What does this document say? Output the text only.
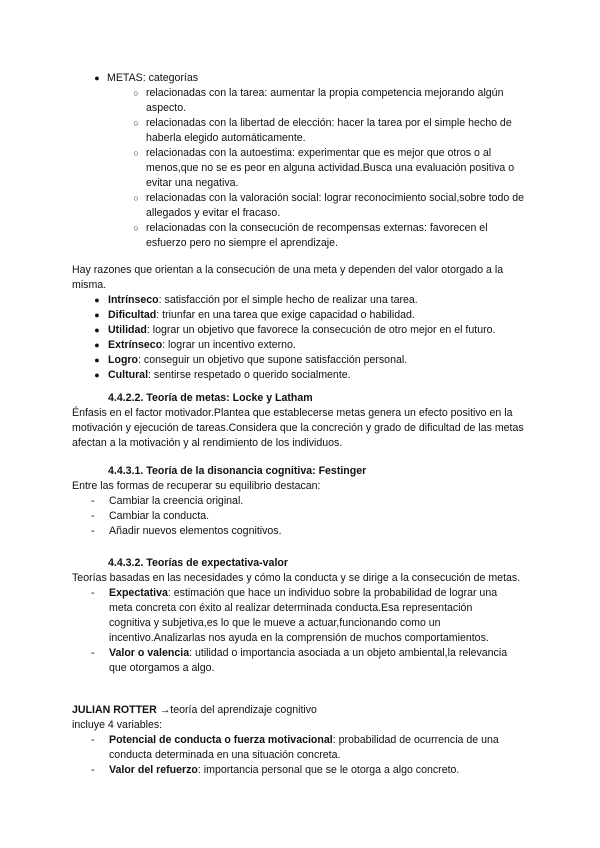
● METAS: categorías
○ relacionadas con la tarea: aumentar la propia competencia mejorando algún aspecto.
○ relacionadas con la libertad de elección: hacer la tarea por el simple hecho de haberla elegido automáticamente.
○ relacionadas con la autoestima: experimentar que es mejor que otros o al menos,que no se es peor en alguna actividad.Busca una evaluación positiva o evitar una negativa.
○ relacionadas con la valoración social: lograr reconocimiento social,sobre todo de allegados y evitar el fracaso.
○ relacionadas con la consecución de recompensas externas: favorecen el esfuerzo pero no siempre el aprendizaje.
Hay razones que orientan a la consecución de una meta y dependen del valor otorgado a la misma.
● Intrínseco: satisfacción por el simple hecho de realizar una tarea.
● Dificultad: triunfar en una tarea que exige capacidad o habilidad.
● Utilidad: lograr un objetivo que favorece la consecución de otro mejor en el futuro.
● Extrínseco: lograr un incentivo externo.
● Logro: conseguir un objetivo que supone satisfacción personal.
● Cultural: sentirse respetado o querido socialmente.
4.4.2.2. Teoría de metas: Locke y Latham
Énfasis en el factor motivador.Plantea que establecerse metas genera un efecto positivo en la motivación y ejecución de tareas.Considera que la concreción y grado de dificultad de las metas afectan a la motivación y al rendimiento de los individuos.
4.4.3.1. Teoría de la disonancia cognitiva: Festinger
Entre las formas de recuperar su equilibrio destacan:
-	Cambiar la creencia original.
-	Cambiar la conducta.
-	Añadir nuevos elementos cognitivos.
4.4.3.2. Teorías de expectativa-valor
Teorías basadas en las necesidades y cómo la conducta y se dirige a la consecución de metas.
-	Expectativa: estimación que hace un individuo sobre la probabilidad de lograr una meta concreta con éxito al realizar determinada conducta.Esa representación cognitiva y subjetiva,es lo que le mueve a actuar,funcionando como un incentivo.Analizarlas nos ayuda en la comprensión de muchos comportamientos.
-	Valor o valencia: utilidad o importancia asociada a un objeto ambiental,la relevancia que otorgamos a algo.
JULIAN ROTTER →teoría del aprendizaje cognitivo
incluye 4 variables:
-	Potencial de conducta o fuerza motivacional: probabilidad de ocurrencia de una conducta determinada en una situación concreta.
-	Valor del refuerzo: importancia personal que se le otorga a algo concreto.
